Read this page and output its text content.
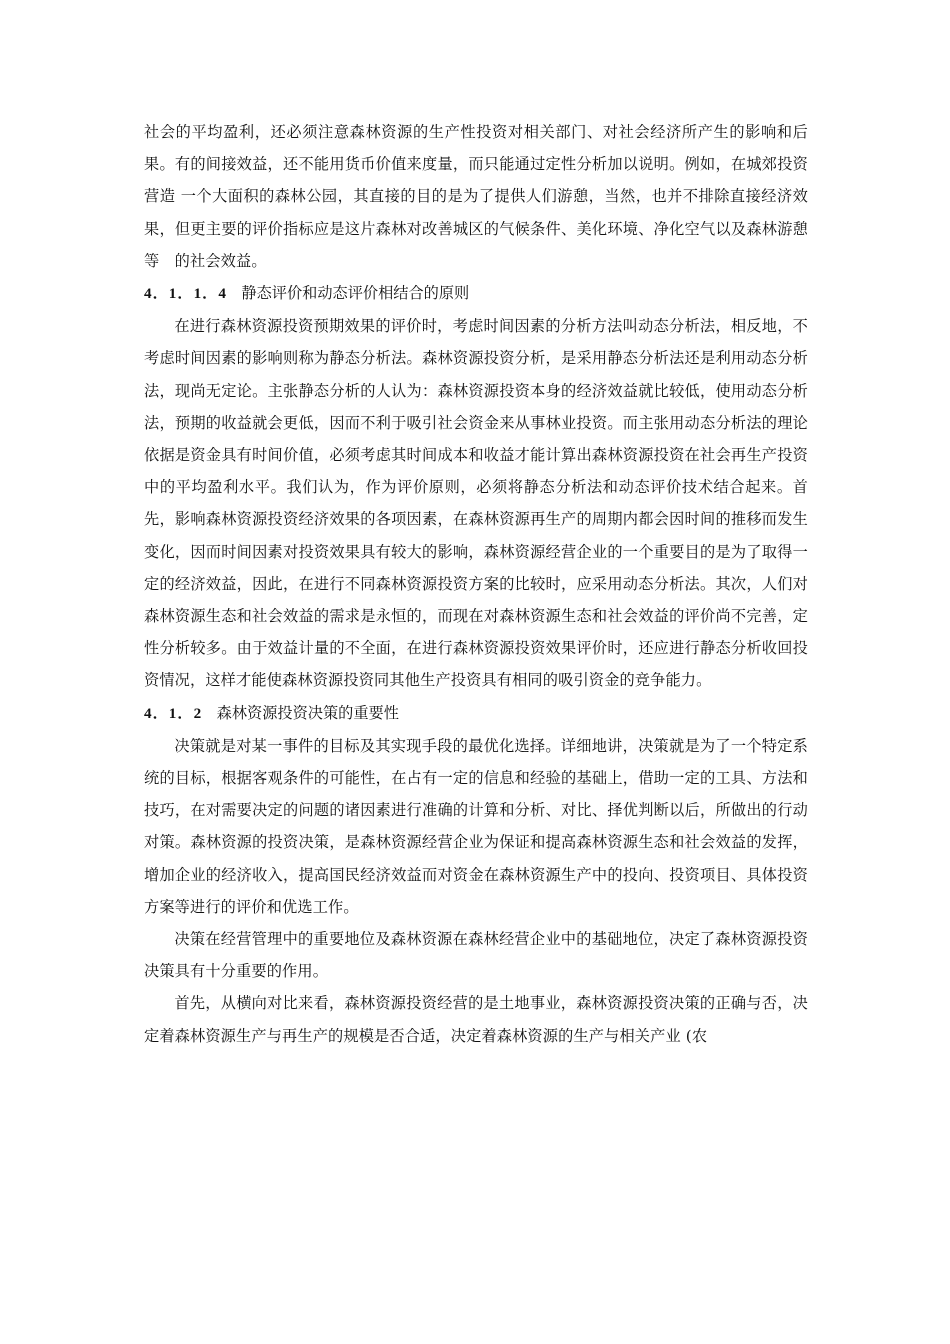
社会的平均盈利，还必须注意森林资源的生产性投资对相关部门、对社会经济所产生的影响和后果。有的间接效益，还不能用货币价值来度量，而只能通过定性分析加以说明。例如，在城郊投资营造 一个大面积的森林公园，其直接的目的是为了提供人们游憩，当然，也并不排除直接经济效果，但更主要的评价指标应是这片森林对改善城区的气候条件、美化环境、净化空气以及森林游憩等　的社会效益。

4．1．1．4 静态评价和动态评价相结合的原则

在进行森林资源投资预期效果的评价时，考虑时间因素的分析方法叫动态分析法，相反地，不考虑时间因素的影响则称为静态分析法。森林资源投资分析，是采用静态分析法还是利用动态分析法，现尚无定论。主张静态分析的人认为：森林资源投资本身的经济效益就比较低，使用动态分析法，预期的收益就会更低，因而不利于吸引社会资金来从事林业投资。而主张用动态分析法的理论依据是资金具有时间价值，必须考虑其时间成本和收益才能计算出森林资源投资在社会再生产投资中的平均盈利水平。我们认为，作为评价原则，必须将静态分析法和动态评价技术结合起来。首先，影响森林资源投资经济效果的各项因素，在森林资源再生产的周期内都会因时间的推移而发生变化，因而时间因素对投资效果具有较大的影响，森林资源经营企业的一个重要目的是为了取得一定的经济效益，因此，在进行不同森林资源投资方案的比较时，应采用动态分析法。其次，人们对森林资源生态和社会效益的需求是永恒的，而现在对森林资源生态和社会效益的评价尚不完善，定性分析较多。由于效益计量的不全面，在进行森林资源投资效果评价时，还应进行静态分析收回投资情况，这样才能使森林资源投资同其他生产投资具有相同的吸引资金的竞争能力。

4．1．2 森林资源投资决策的重要性

决策就是对某一事件的目标及其实现手段的最优化选择。详细地讲，决策就是为了一个特定系统的目标，根据客观条件的可能性，在占有一定的信息和经验的基础上，借助一定的工具、方法和技巧，在对需要决定的问题的诸因素进行准确的计算和分析、对比、择优判断以后，所做出的行动对策。森林资源的投资决策，是森林资源经营企业为保证和提高森林资源生态和社会效益的发挥，增加企业的经济收入，提高国民经济效益而对资金在森林资源生产中的投向、投资项目、具体投资方案等进行的评价和优选工作。

决策在经营管理中的重要地位及森林资源在森林经营企业中的基础地位，决定了森林资源投资决策具有十分重要的作用。

首先，从横向对比来看，森林资源投资经营的是土地事业，森林资源投资决策的正确与否，决定着森林资源生产与再生产的规模是否合适，决定着森林资源的生产与相关产业 (农
